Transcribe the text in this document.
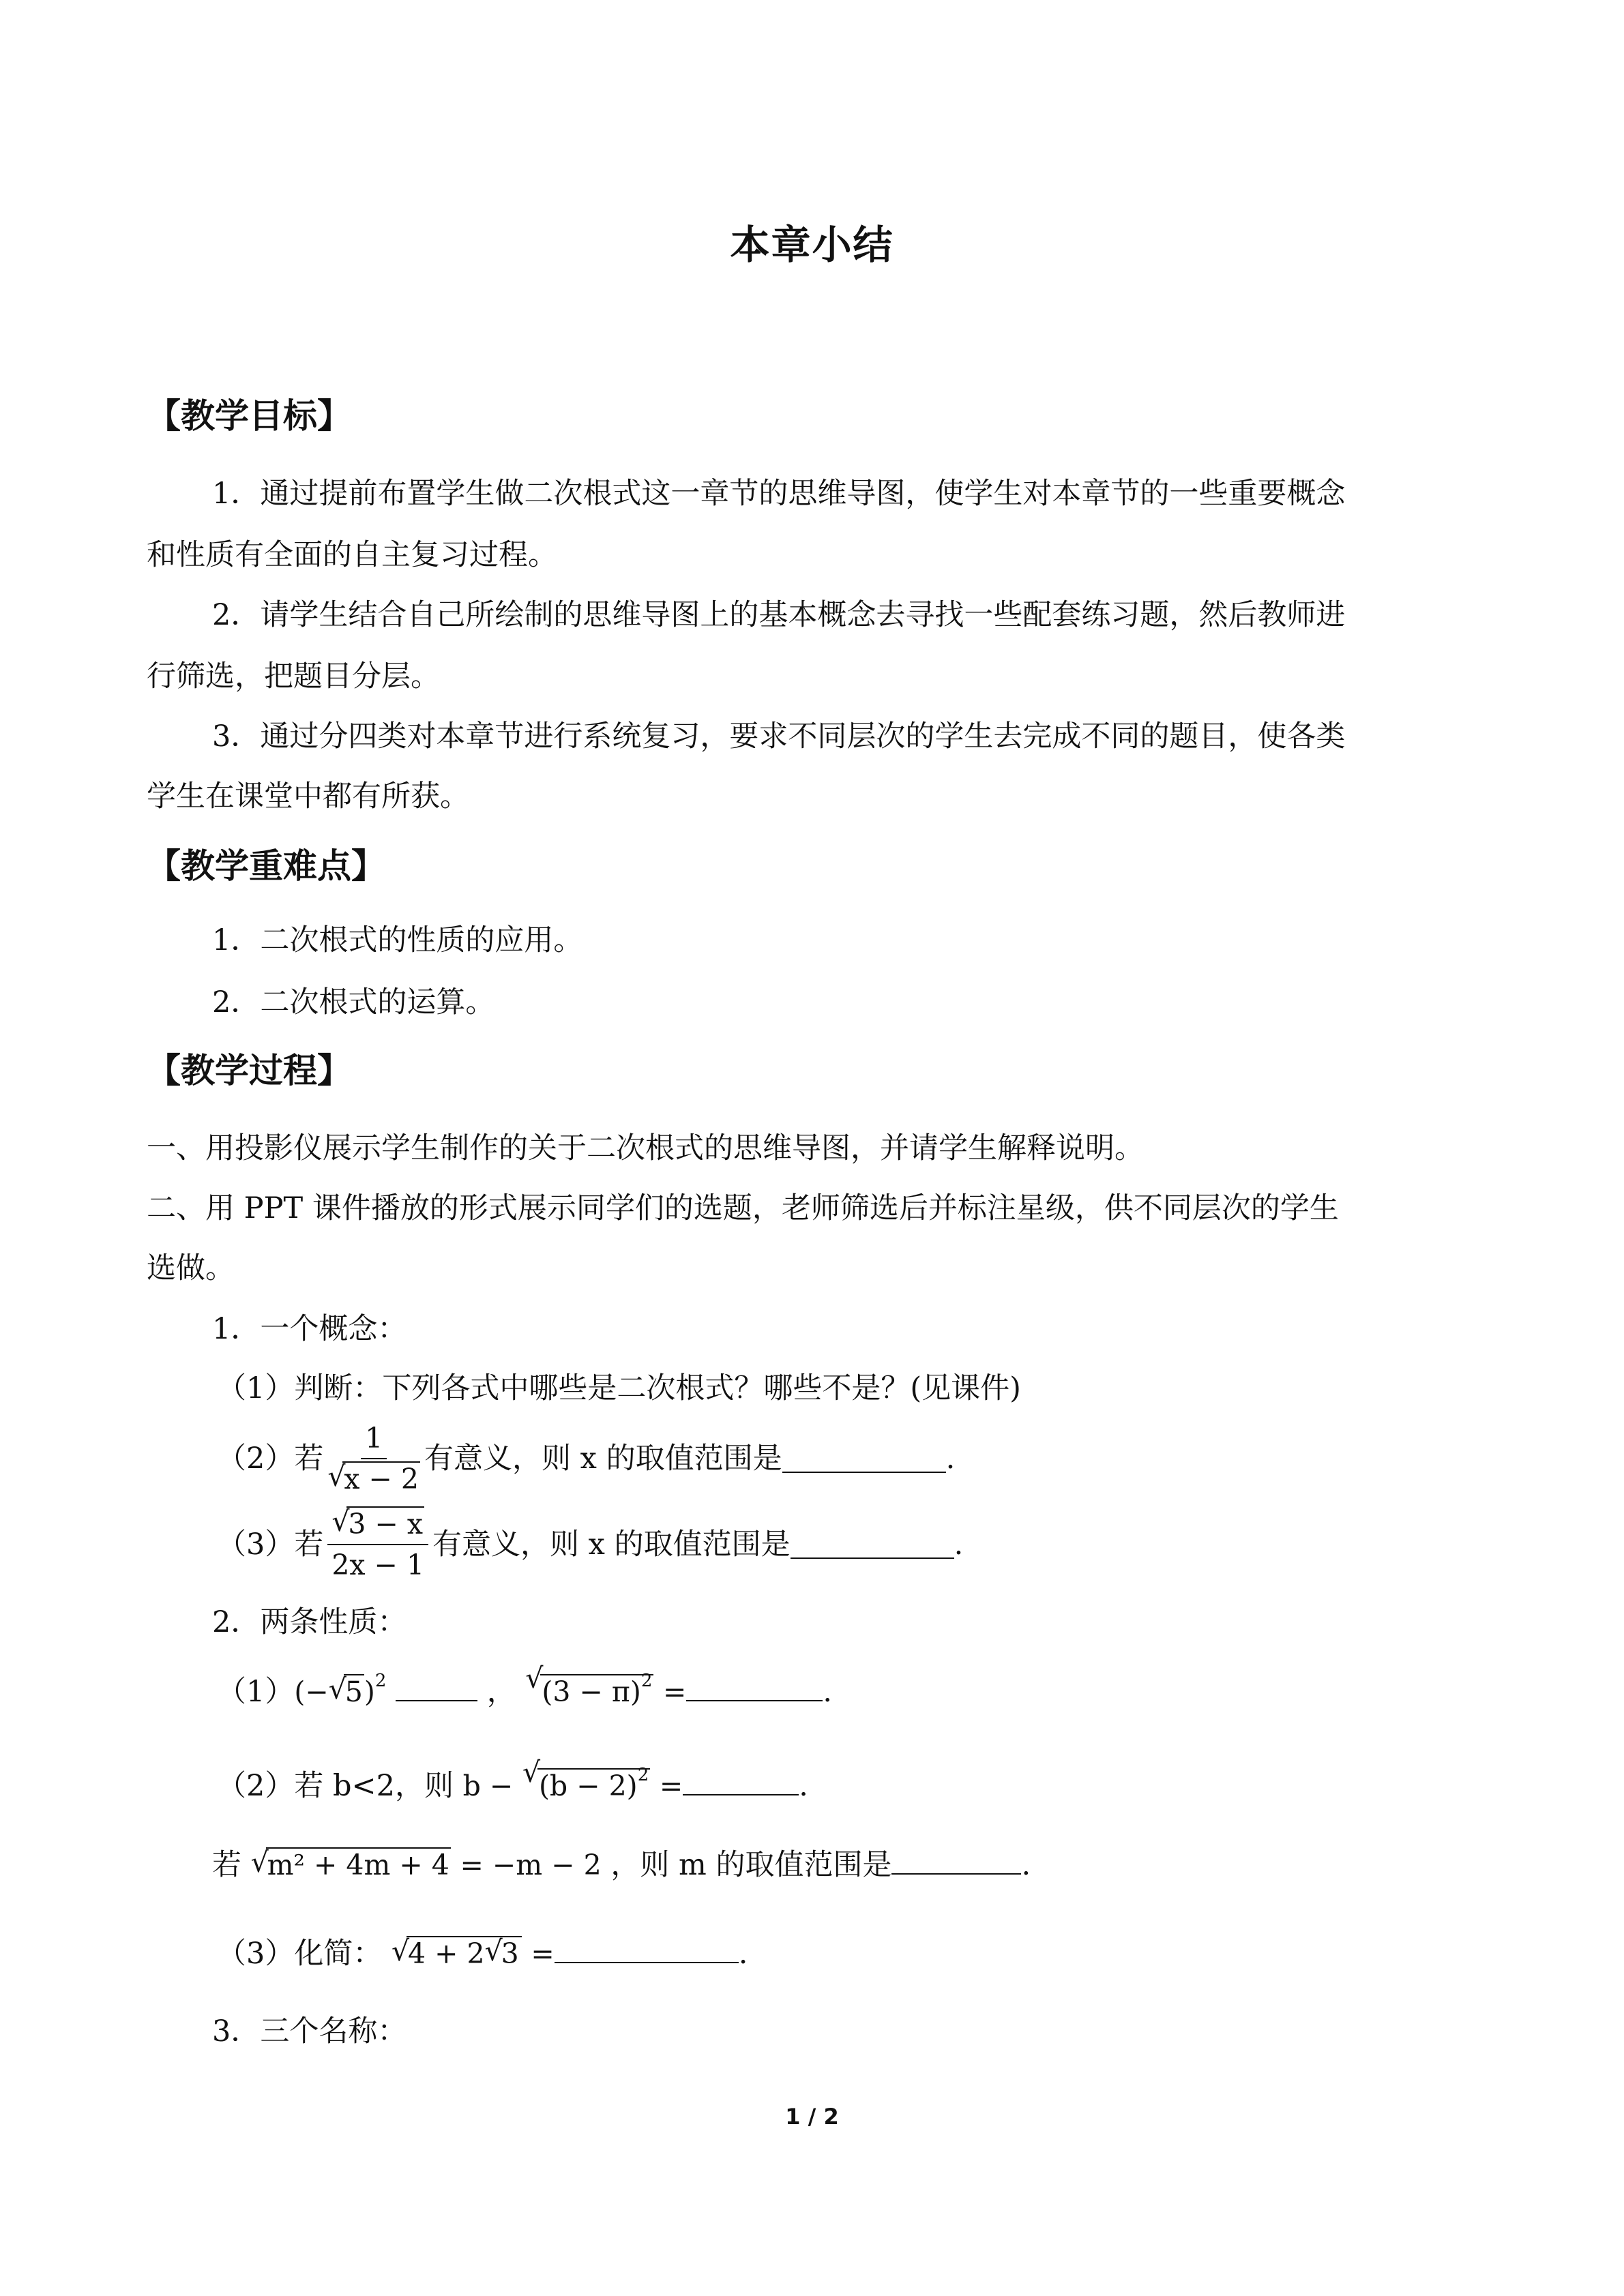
本章小结
【教学目标】
1．通过提前布置学生做二次根式这一章节的思维导图，使学生对本章节的一些重要概念
和性质有全面的自主复习过程。
2．请学生结合自己所绘制的思维导图上的基本概念去寻找一些配套练习题，然后教师进
行筛选，把题目分层。
3．通过分四类对本章节进行系统复习，要求不同层次的学生去完成不同的题目，使各类
学生在课堂中都有所获。
【教学重难点】
1．二次根式的性质的应用。
2．二次根式的运算。
【教学过程】
一、用投影仪展示学生制作的关于二次根式的思维导图，并请学生解释说明。
二、用 PPT 课件播放的形式展示同学们的选题，老师筛选后并标注星级，供不同层次的学生
选做。
1．一个概念：
（1）判断：下列各式中哪些是二次根式？哪些不是？(见课件)
（2）若 1
√ x − 2 有意义，则 x 的取值范围是	.
（3）若 √ $\frac{3 - x}{2x - 1}$ 有意义，则 x 的取值范围是	.
2．两条性质：
（1）(− √ 5)$^2$	， √ $(3 - \pi)^2$ =	.
（2）若 b<2，则 b − √ $(b - 2)^2$ =	.
若 √ m² + 4m + 4 = −m − 2 ，则 m 的取值范围是	.
（3）化简： √ 4 + 2 √ 3 =	.
3．三个名称：
1 / 2
